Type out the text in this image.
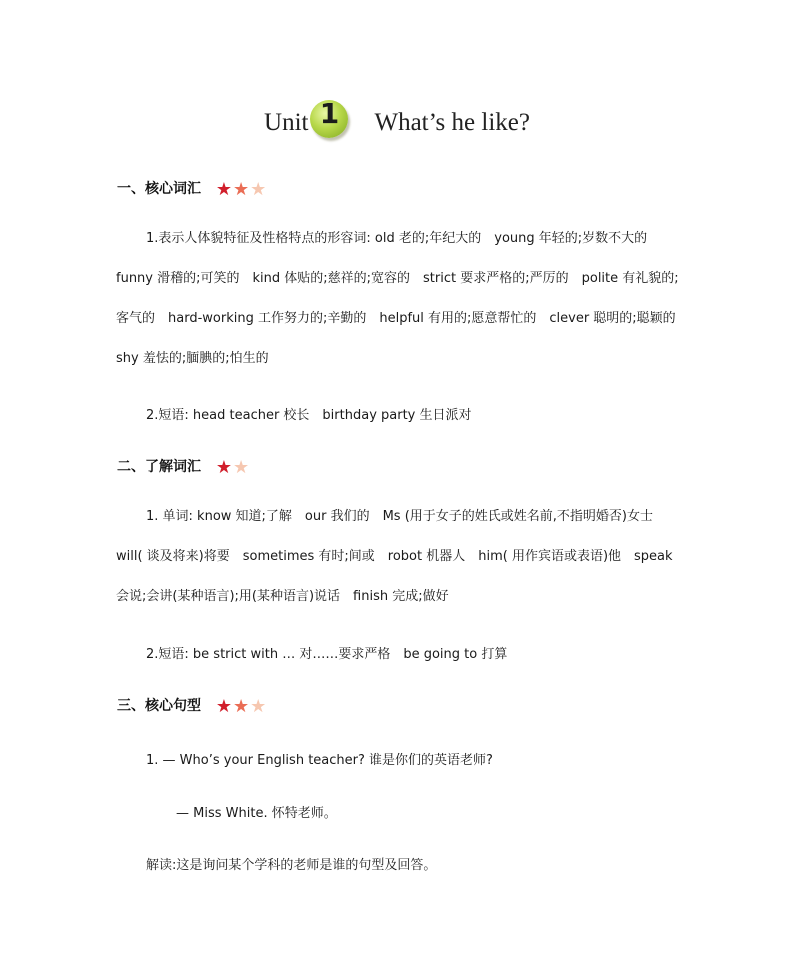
Unit 1	What’s he like?
一、核心词汇 ★★★
1.表示人体貌特征及性格特点的形容词: old 老的;年纪大的　young 年轻的;岁数不大的　funny 滑稽的;可笑的　kind 体贴的;慈祥的;宽容的　strict 要求严格的;严厉的　polite 有礼貌的;客气的　hard-working 工作努力的;辛勤的　helpful 有用的;愿意帮忙的　clever 聪明的;聪颖的　shy 羞怯的;腼腆的;怕生的
2.短语: head teacher 校长　birthday party 生日派对
二、了解词汇 ★★
1. 单词: know 知道;了解　our 我们的　Ms (用于女子的姓氏或姓名前,不指明婚否)女士　will( 谈及将来)将要　sometimes 有时;间或　robot 机器人　him( 用作宾语或表语)他　speak 会说;会讲(某种语言);用(某种语言)说话　finish 完成;做好
2.短语: be strict with … 对……要求严格　be going to 打算
三、核心句型 ★★★
1. — Who’s your English teacher? 谁是你们的英语老师?
— Miss White. 怀特老师。
解读:这是询问某个学科的老师是谁的句型及回答。
